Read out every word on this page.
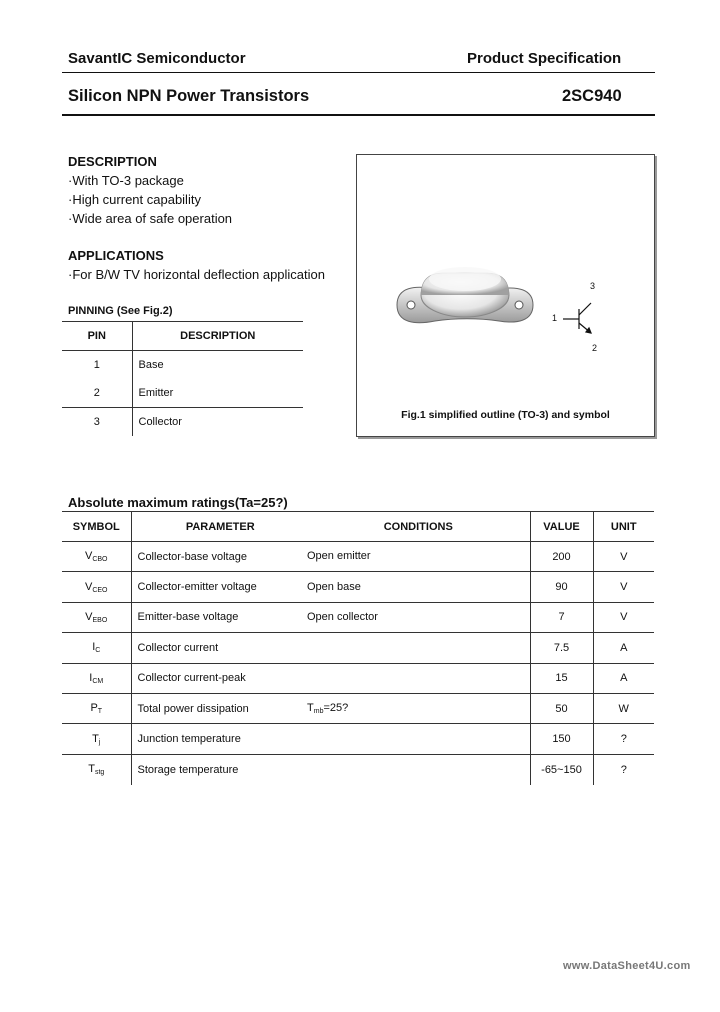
SavantIC Semiconductor	Product Specification
Silicon NPN Power Transistors	2SC940
DESCRIPTION
·With TO-3 package
·High current capability
·Wide area of safe operation
APPLICATIONS
·For B/W TV horizontal deflection application
PINNING (See Fig.2)
PIN	DESCRIPTION
1	Base
2	Emitter
3	Collector
3
1
2
Fig.1 simplified outline (TO-3) and symbol
Absolute maximum ratings(Ta=25?)
SYMBOL	PARAMETER	CONDITIONS	VALUE	UNIT
$V_{CBO}$	Collector-base voltage	Open emitter	200	V
$V_{CEO}$	Collector-emitter voltage	Open base	90	V
$V_{EBO}$	Emitter-base voltage	Open collector	7	V
$I_C$	Collector current		7.5	A
$I_{CM}$	Collector current-peak		15	A
$P_T$	Total power dissipation	$T_{mb}=25$?	50	W
$T_j$	Junction temperature		150	?
$T_{stg}$	Storage temperature		-65~150	?
www.DataSheet4U.com
